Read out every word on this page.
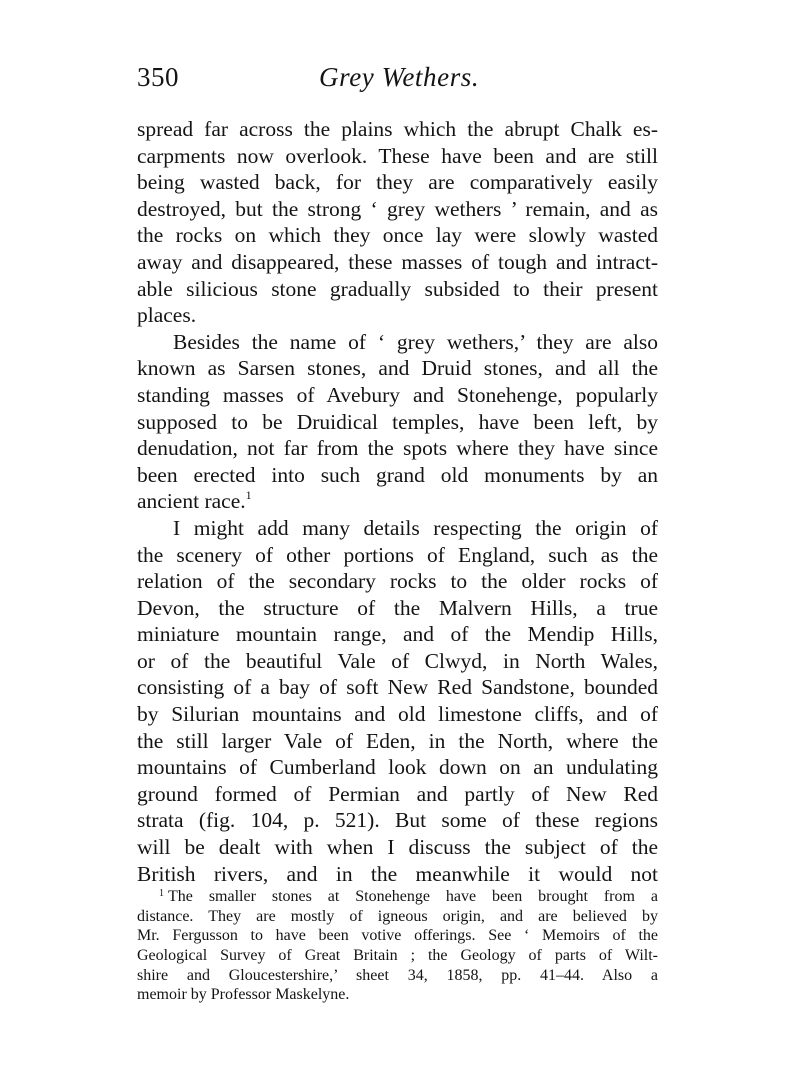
350	Grey Wethers.
spread far across the plains which the abrupt Chalk es-
carpments now overlook. These have been and are still
being wasted back, for they are comparatively easily
destroyed, but the strong ‘ grey wethers ’ remain, and as
the rocks on which they once lay were slowly wasted
away and disappeared, these masses of tough and intract-
able silicious stone gradually subsided to their present
places.
Besides the name of ‘ grey wethers,’ they are also
known as Sarsen stones, and Druid stones, and all the
standing masses of Avebury and Stonehenge, popularly
supposed to be Druidical temples, have been left, by
denudation, not far from the spots where they have since
been erected into such grand old monuments by an
ancient race.$^1$
I might add many details respecting the origin of
the scenery of other portions of England, such as the
relation of the secondary rocks to the older rocks of
Devon, the structure of the Malvern Hills, a true
miniature mountain range, and of the Mendip Hills,
or of the beautiful Vale of Clwyd, in North Wales,
consisting of a bay of soft New Red Sandstone, bounded
by Silurian mountains and old limestone cliffs, and of
the still larger Vale of Eden, in the North, where the
mountains of Cumberland look down on an undulating
ground formed of Permian and partly of New Red
strata (fig. 104, p. 521). But some of these regions
will be dealt with when I discuss the subject of the
British rivers, and in the meanwhile it would not
$^1$ The smaller stones at Stonehenge have been brought from a
distance. They are mostly of igneous origin, and are believed by
Mr. Fergusson to have been votive offerings. See ‘ Memoirs of the
Geological Survey of Great Britain ; the Geology of parts of Wilt-
shire and Gloucestershire,’ sheet 34, 1858, pp. 41–44. Also a
memoir by Professor Maskelyne.
